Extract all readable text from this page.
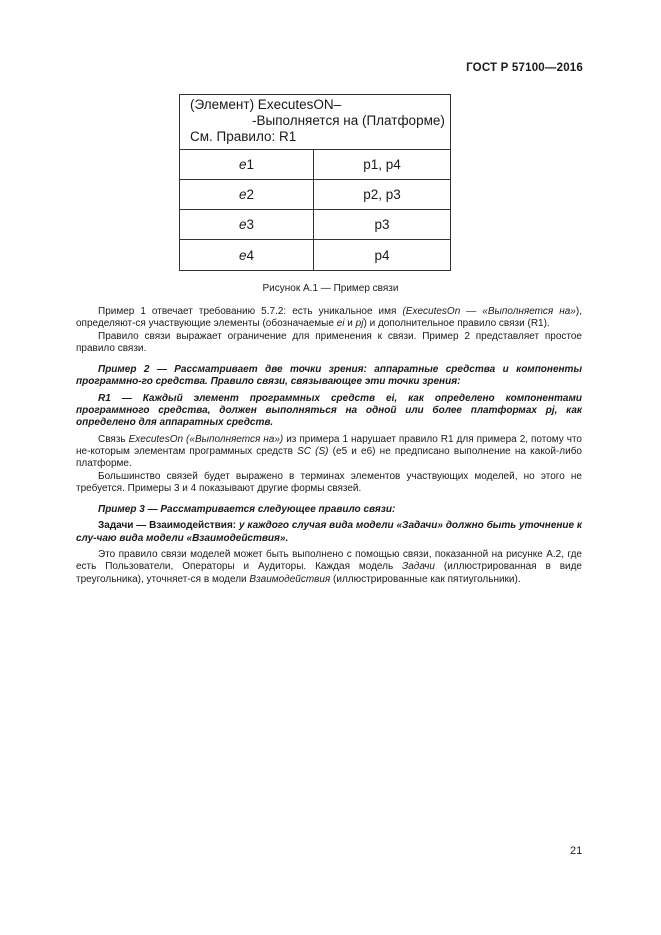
ГОСТ Р 57100—2016
(Элемент) ExecutesON–
-Выполняется на (Платформе)
См. Правило: R1
e 1	p1, p4
e 2	p2, p3
e 3	p3
e 4	p4
Рисунок А.1 — Пример связи

Пример 1 отвечает требованию 5.7.2: есть уникальное имя (ExecutesOn — «Выполняется на»), определяют-ся участвующие элементы (обозначаемые ei и pj) и дополнительное правило связи (R1).

Правило связи выражает ограничение для применения к связи. Пример 2 представляет простое правило связи.

Пример 2 — Рассматривает две точки зрения: аппаратные средства и компоненты программно-го средства. Правило связи, связывающее эти точки зрения:

R1 — Каждый элемент программных средств ei, как определено компонентами программного средства, должен выполняться на одной или более платформах pj, как определено для аппаратных средств.

Связь ExecutesOn («Выполняется на») из примера 1 нарушает правило R1 для примера 2, потому что не-которым элементам программных средств SC (S) (e5 и e6) не предписано выполнение на какой-либо платформе.

Большинство связей будет выражено в терминах элементов участвующих моделей, но этого не требуется. Примеры 3 и 4 показывают другие формы связей.

Пример 3 — Рассматривается следующее правило связи:

Задачи — Взаимодействия: у каждого случая вида модели «Задачи» должно быть уточнение к слу-чаю вида модели «Взаимодействия».

Это правило связи моделей может быть выполнено с помощью связи, показанной на рисунке А.2, где есть Пользователи, Операторы и Аудиторы. Каждая модель Задачи (иллюстрированная в виде треугольника), уточняет-ся в модели Взаимодействия (иллюстрированные как пятиугольники).

21
